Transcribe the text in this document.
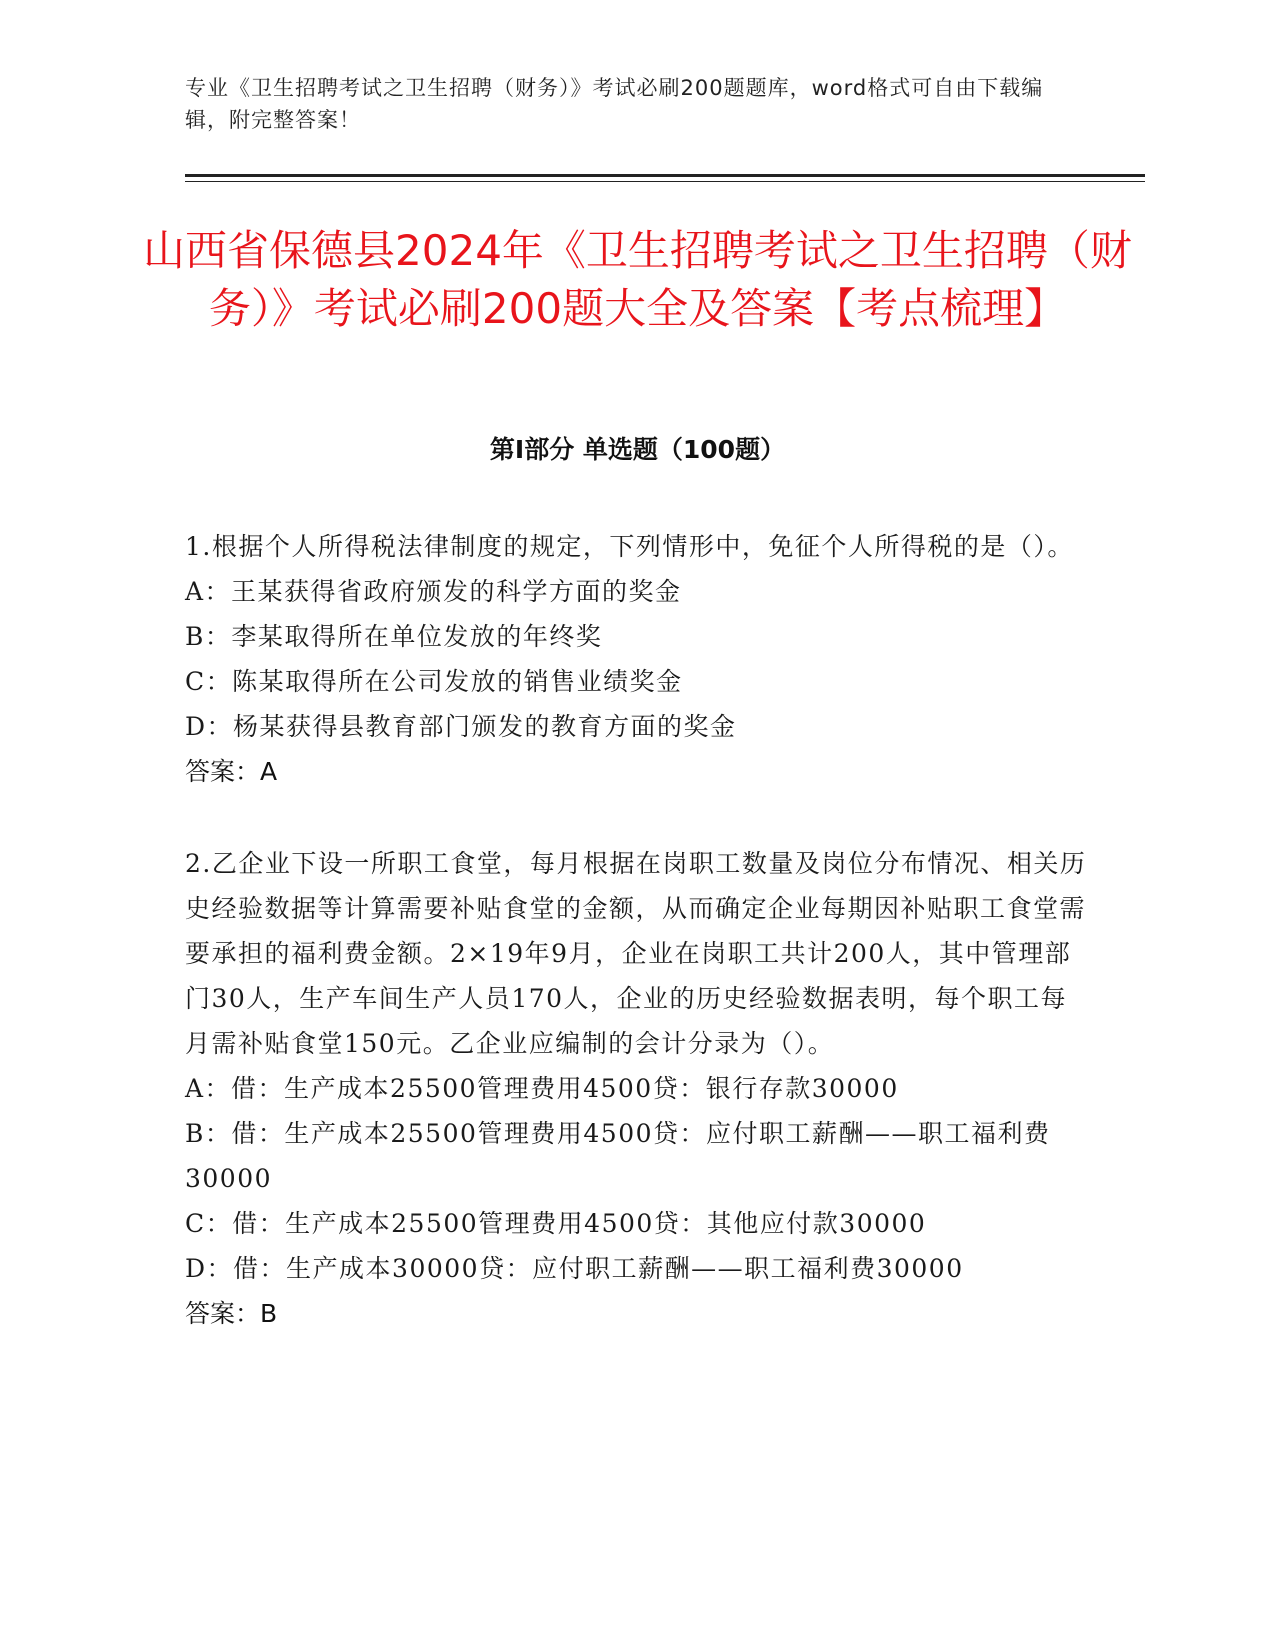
专业《卫生招聘考试之卫生招聘（财务）》考试必刷200题题库，word格式可自由下载编辑，附完整答案！
山西省保德县2024年《卫生招聘考试之卫生招聘（财务）》考试必刷200题大全及答案【考点梳理】
第Ⅰ部分 单选题（100题）
1.根据个人所得税法律制度的规定，下列情形中，免征个人所得税的是（）。
A：王某获得省政府颁发的科学方面的奖金
B：李某取得所在单位发放的年终奖
C：陈某取得所在公司发放的销售业绩奖金
D：杨某获得县教育部门颁发的教育方面的奖金
答案：A
2.乙企业下设一所职工食堂，每月根据在岗职工数量及岗位分布情况、相关历史经验数据等计算需要补贴食堂的金额，从而确定企业每期因补贴职工食堂需要承担的福利费金额。2×19年9月，企业在岗职工共计200人，其中管理部门30人，生产车间生产人员170人，企业的历史经验数据表明，每个职工每月需补贴食堂150元。乙企业应编制的会计分录为（）。
A：借：生产成本25500管理费用4500贷：银行存款30000
B：借：生产成本25500管理费用4500贷：应付职工薪酬——职工福利费30000
C：借：生产成本25500管理费用4500贷：其他应付款30000
D：借：生产成本30000贷：应付职工薪酬——职工福利费30000
答案：B
